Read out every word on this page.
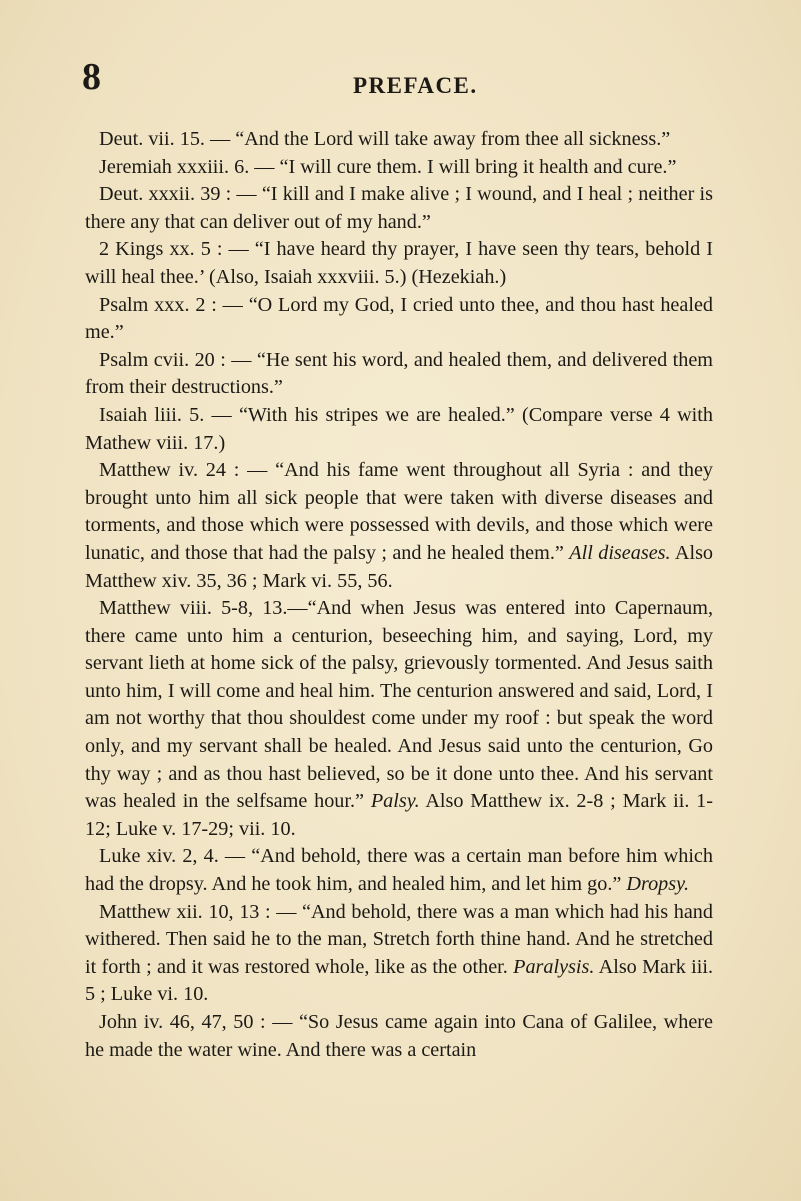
8	PREFACE.

Deut. vii. 15. — “And the Lord will take away from thee all sickness.”

Jeremiah xxxiii. 6. — “I will cure them. I will bring it health and cure.”

Deut. xxxii. 39 : — “I kill and I make alive ; I wound, and I heal ; neither is there any that can deliver out of my hand.”

2 Kings xx. 5 : — “I have heard thy prayer, I have seen thy tears, behold I will heal thee.’ (Also, Isaiah xxxviii. 5.) (Hezekiah.)

Psalm xxx. 2 : — “O Lord my God, I cried unto thee, and thou hast healed me.”

Psalm cvii. 20 : — “He sent his word, and healed them, and delivered them from their destructions.”

Isaiah liii. 5. — “With his stripes we are healed.” (Compare verse 4 with Mathew viii. 17.)

Matthew iv. 24 : — “And his fame went throughout all Syria : and they brought unto him all sick people that were taken with diverse diseases and torments, and those which were possessed with devils, and those which were lunatic, and those that had the palsy ; and he healed them.” All diseases. Also Matthew xiv. 35, 36 ; Mark vi. 55, 56.

Matthew viii. 5-8, 13.—“And when Jesus was entered into Capernaum, there came unto him a centurion, beseeching him, and saying, Lord, my servant lieth at home sick of the palsy, grievously tormented. And Jesus saith unto him, I will come and heal him. The centurion answered and said, Lord, I am not worthy that thou shouldest come under my roof : but speak the word only, and my servant shall be healed. And Jesus said unto the centurion, Go thy way ; and as thou hast believed, so be it done unto thee. And his servant was healed in the selfsame hour.” Palsy. Also Matthew ix. 2-8 ; Mark ii. 1-12; Luke v. 17-29; vii. 10.

Luke xiv. 2, 4. — “And behold, there was a certain man before him which had the dropsy. And he took him, and healed him, and let him go.” Dropsy.

Matthew xii. 10, 13 : — “And behold, there was a man which had his hand withered. Then said he to the man, Stretch forth thine hand. And he stretched it forth ; and it was restored whole, like as the other. Paralysis. Also Mark iii. 5 ; Luke vi. 10.

John iv. 46, 47, 50 : — “So Jesus came again into Cana of Galilee, where he made the water wine. And there was a certain
